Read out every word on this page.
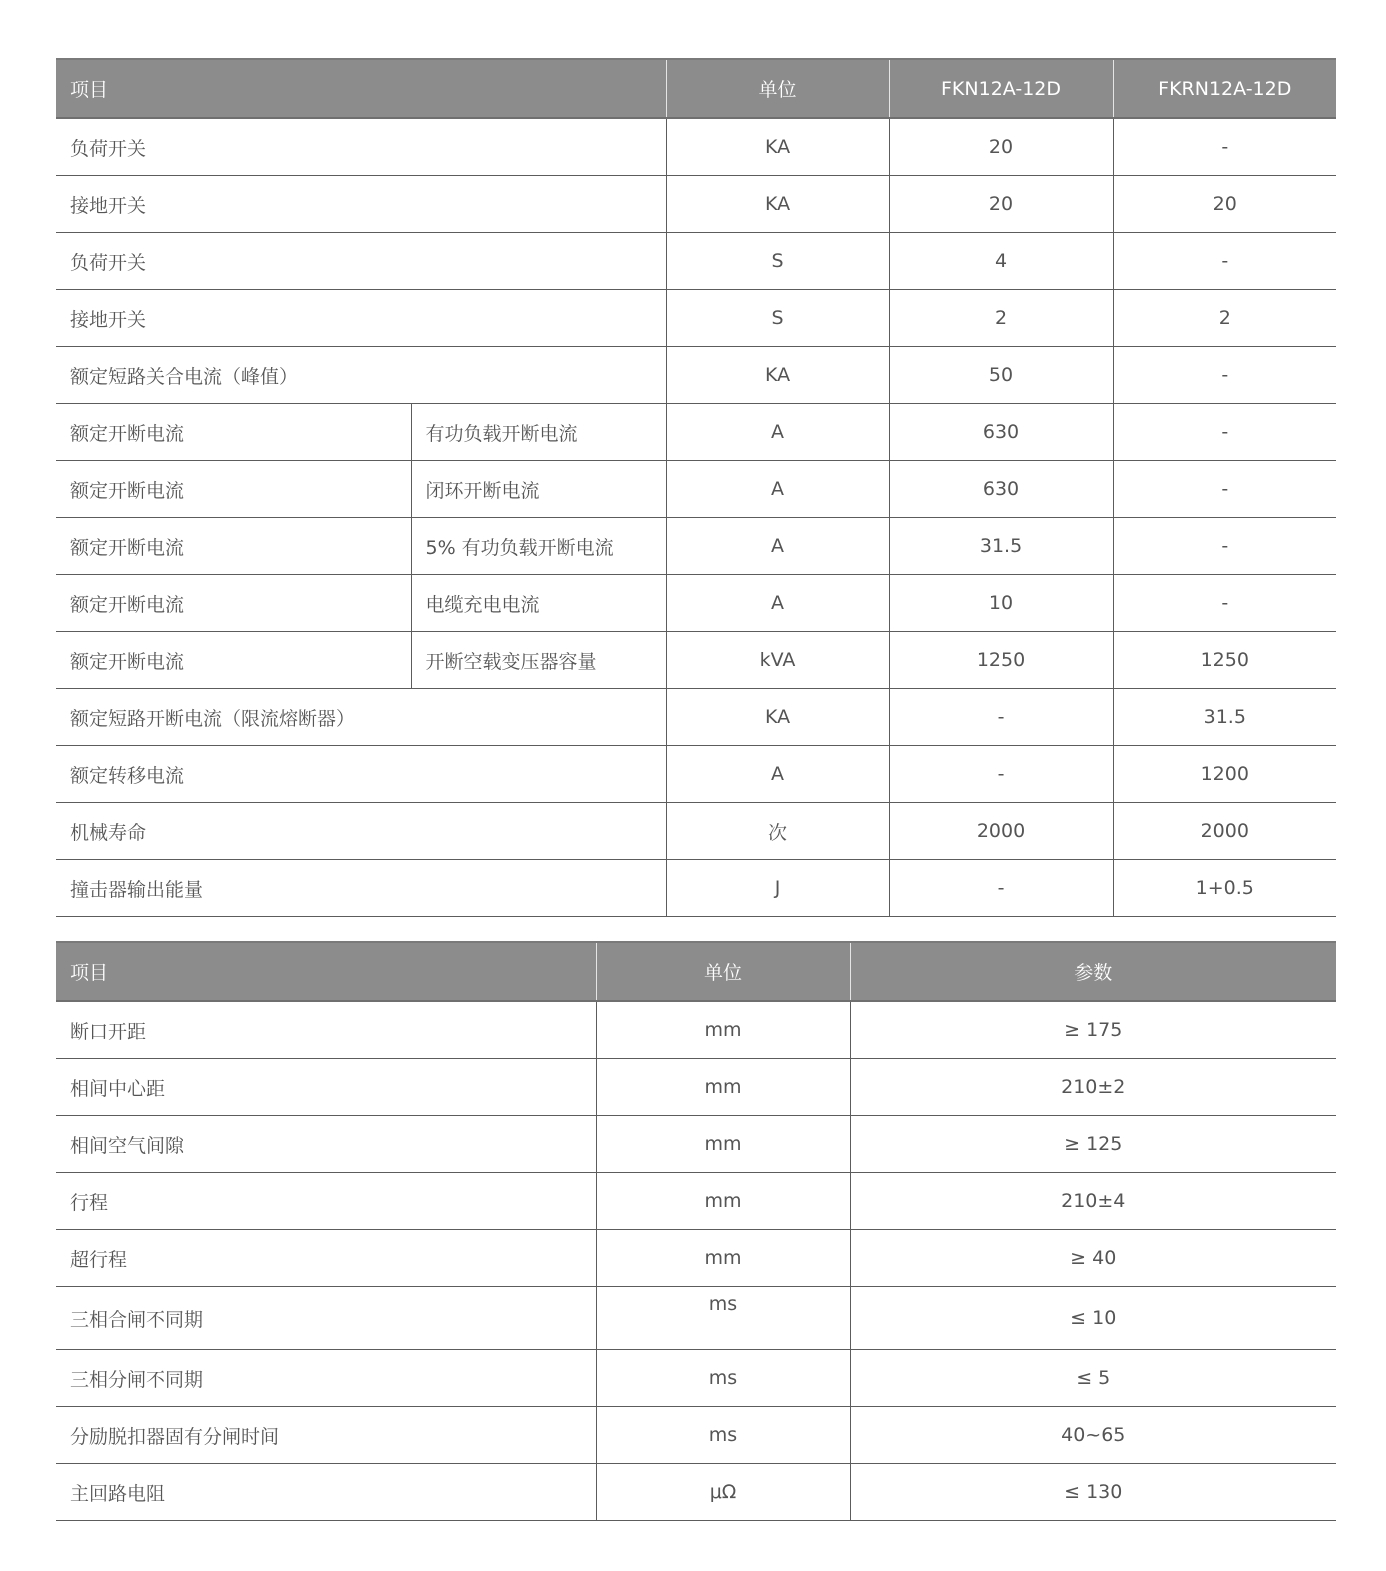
项目		单位	FKN12A-12D	FKRN12A-12D
负荷开关		KA	20	-
接地开关		KA	20	20
负荷开关		S	4	-
接地开关		S	2	2
额定短路关合电流（峰值）		KA	50	-
额定开断电流	有功负载开断电流	A	630	-
额定开断电流	闭环开断电流	A	630	-
额定开断电流	5% 有功负载开断电流	A	31.5	-
额定开断电流	电缆充电电流	A	10	-
额定开断电流	开断空载变压器容量	kVA	1250	1250
额定短路开断电流（限流熔断器）		KA	-	31.5
额定转移电流		A	-	1200
机械寿命		次	2000	2000
撞击器输出能量		J	-	1+0.5
项目	单位	参数
断口开距	mm	≥ 175
相间中心距	mm	210±2
相间空气间隙	mm	≥ 125
行程	mm	210±4
超行程	mm	≥ 40
三相合闸不同期	ms	≤ 10
三相分闸不同期	ms	≤ 5
分励脱扣器固有分闸时间	ms	40~65
主回路电阻	μΩ	≤ 130
